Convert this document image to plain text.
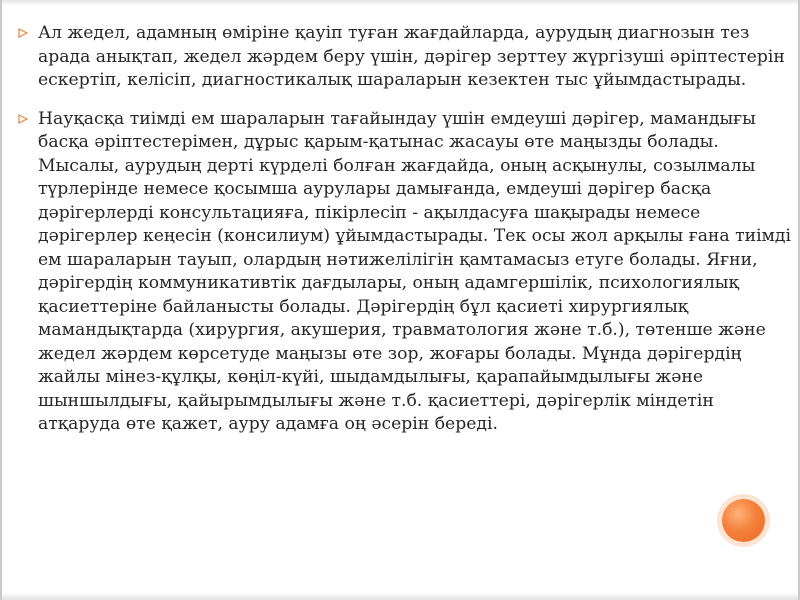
Ал жедел, адамның өміріне қауіп туған жағдайларда, аурудың диагнозын тез арада анықтап, жедел жәрдем беру үшін, дәрігер зерттеу жүргізуші әріптестерін ескертіп, келісіп, диагностикалық шараларын кезектен тыс ұйымдастырады.
Науқасқа тиімді ем шараларын тағайындау үшін емдеуші дәрігер, мамандығы басқа әріптестерімен, дұрыс қарым-қатынас жасауы өте маңызды болады. Мысалы, аурудың дерті күрделі болған жағдайда, оның асқынулы, созылмалы түрлерінде немесе қосымша аурулары дамығанда, емдеуші дәрігер басқа дәрігерлерді консультацияға, пікірлесіп - ақылдасуға шақырады немесе дәрігерлер кеңесін (консилиум) ұйымдастырады. Тек осы жол арқылы ғана тиімді ем шараларын тауып, олардың нәтижелілігін қамтамасыз етуге болады. Яғни, дәрігердің коммуникативтік дағдылары, оның адамгершілік, психологиялық қасиеттеріне байланысты болады. Дәрігердің бұл қасиеті хирургиялық мамандықтарда (хирургия, акушерия, травматология және т.б.), төтенше және жедел жәрдем көрсетуде маңызы өте зор, жоғары болады. Мұнда дәрігердің жайлы мінез-құлқы, көңіл-күйі, шыдамдылығы, қарапайымдылығы және шыншылдығы, қайырымдылығы және т.б. қасиеттері, дәрігерлік міндетін атқаруда өте қажет, ауру адамға оң әсерін береді.
